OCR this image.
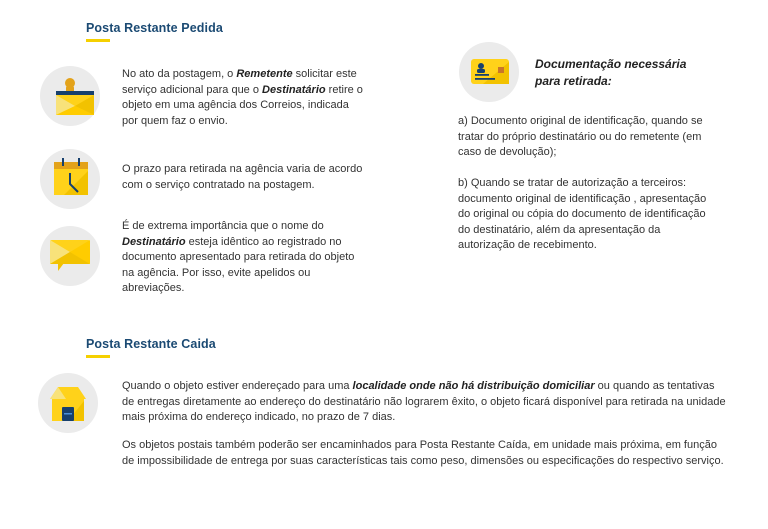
Posta Restante Pedida
No ato da postagem, o Remetente solicitar este serviço adicional para que o Destinatário retire o objeto em uma agência dos Correios, indicada por quem faz o envio.
O prazo para retirada na agência varia de acordo com o serviço contratado na postagem.
É de extrema importância que o nome do Destinatário esteja idêntico ao registrado no documento apresentado para retirada do objeto na agência. Por isso, evite apelidos ou abreviações.
Documentação necessária
para retirada:
a) Documento original de identificação, quando se tratar do próprio destinatário ou do remetente (em caso de devolução);
b) Quando se tratar de autorização a terceiros: documento original de identificação , apresentação do original ou cópia do documento de identificação do destinatário, além da apresentação da autorização de recebimento.
Posta Restante Caida
Quando o objeto estiver endereçado para uma localidade onde não há distribuição domiciliar ou quando as tentativas de entregas diretamente ao endereço do destinatário não lograrem êxito, o objeto ficará disponível para retirada na unidade mais próxima do endereço indicado, no prazo de 7 dias.
Os objetos postais também poderão ser encaminhados para Posta Restante Caída, em unidade mais próxima, em função de impossibilidade de entrega por suas características tais como peso, dimensões ou especificações do respectivo serviço.
